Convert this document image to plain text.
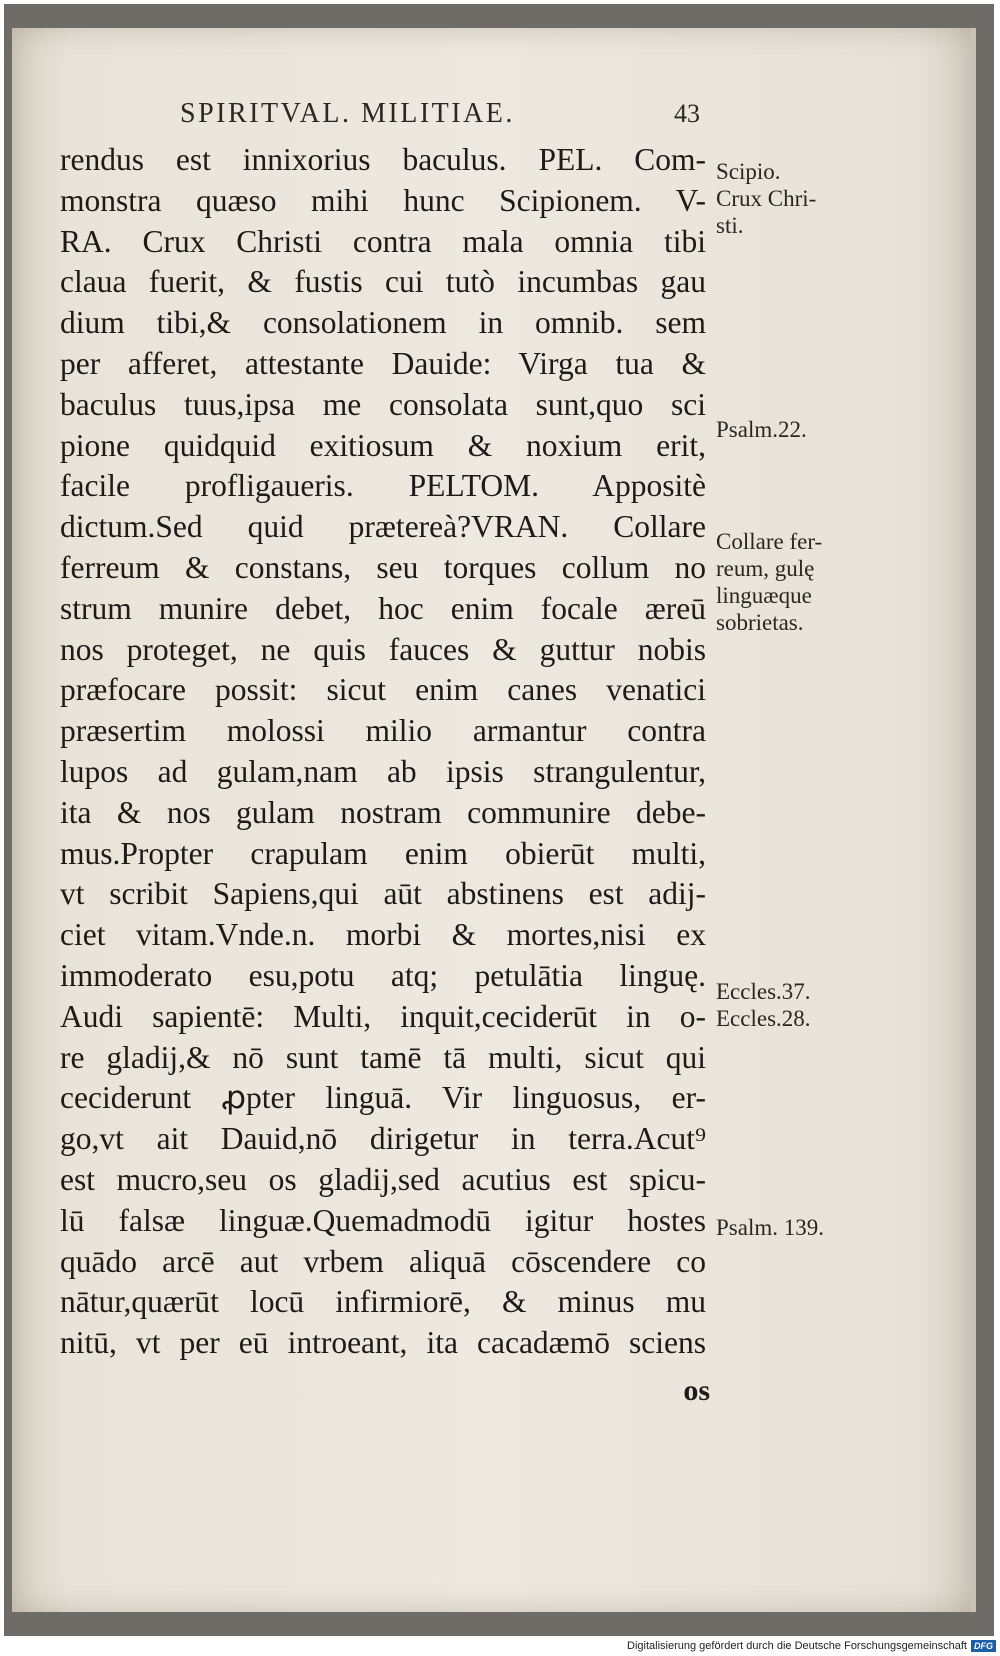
SPIRITVAL. MILITIAE.	43
rendus est innixorius baculus. PEL. Com-
monstra quæso mihi hunc Scipionem. V-
RA. Crux Christi contra mala omnia tibi
claua fuerit, & fustis cui tutò incumbas gau
dium tibi,& consolationem in omnib. sem
per afferet, attestante Dauide: Virga tua &
baculus tuus,ipsa me consolata sunt,quo sci
pione quidquid exitiosum & noxium erit,
facile profligaueris. PELTOM. Appositè
dictum.Sed quid prætereà?VRAN. Collare
ferreum & constans, seu torques collum no
strum munire debet, hoc enim focale æreū
nos proteget, ne quis fauces & guttur nobis
præfocare possit: sicut enim canes venatici
præsertim molossi milio armantur contra
lupos ad gulam,nam ab ipsis strangulentur,
ita & nos gulam nostram communire debe-
mus.Propter crapulam enim obierūt multi,
vt scribit Sapiens,qui aūt abstinens est adij-
ciet vitam.Vnde.n. morbi & mortes,nisi ex
immoderato esu,potu atq; petulātia linguę.
Audi sapientē: Multi, inquit,ceciderūt in o-
re gladij,& nō sunt tamē tā multi, sicut qui
ceciderunt ꝓpter linguā. Vir linguosus, er-
go,vt ait Dauid,nō dirigetur in terra.Acut⁹
est mucro,seu os gladij,sed acutius est spicu-
lū falsæ linguæ.Quemadmodū igitur hostes
quādo arcē aut vrbem aliquā cōscendere co
nātur,quærūt locū infirmiorē, & minus mu
nitū, vt per eū introeant, ita cacadæmō sciens
os
Scipio.
Crux Chri-
sti.
Psalm.22.
Collare fer-
reum, gulę
linguæque
sobrietas.
Eccles.37.
Eccles.28.
Psalm. 139.
Digitalisierung gefördert durch die Deutsche Forschungsgemeinschaft DFG
